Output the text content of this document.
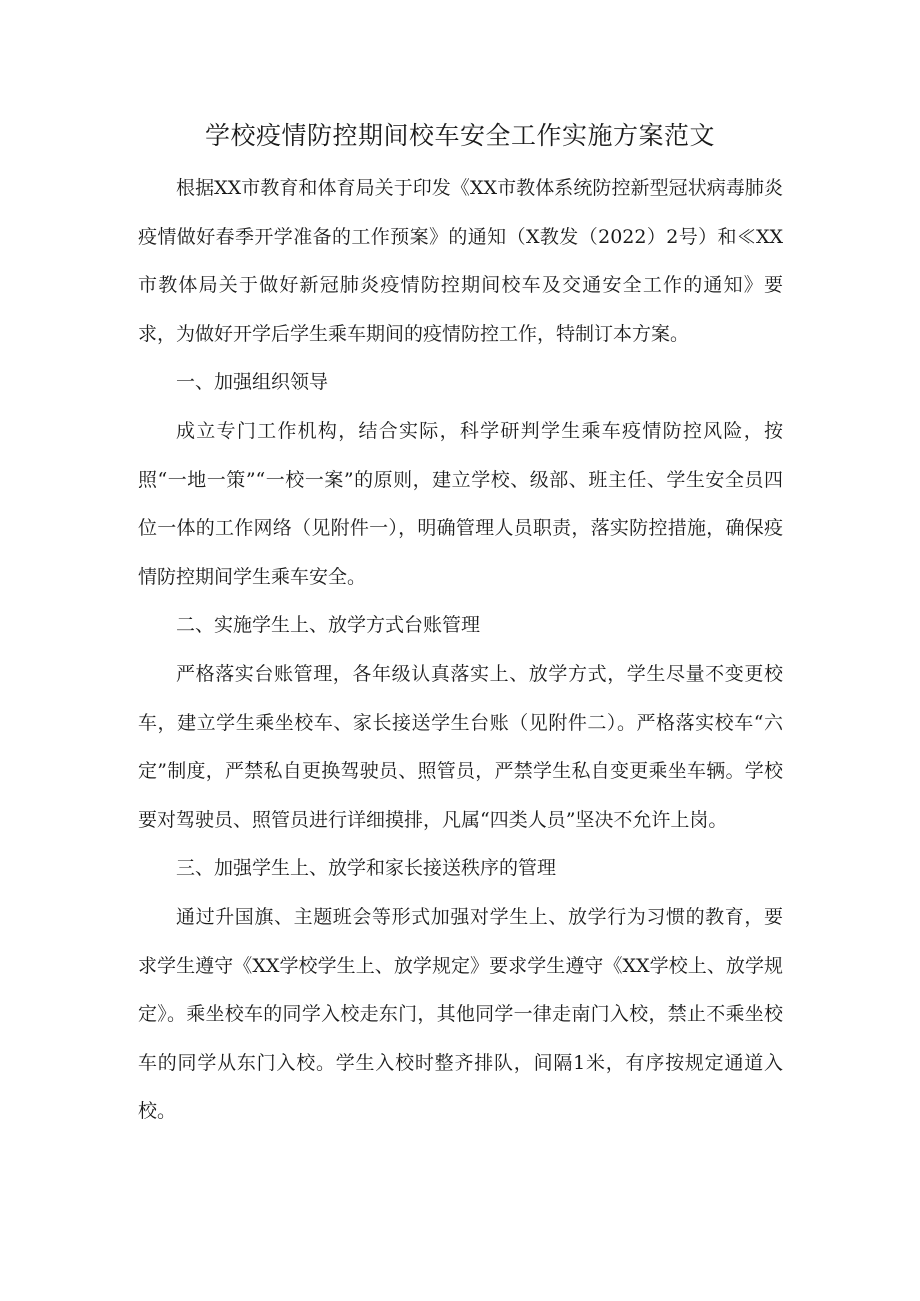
学校疫情防控期间校车安全工作实施方案范文

根据XX市教育和体育局关于印发《XX市教体系统防控新型冠状病毒肺炎疫情做好春季开学准备的工作预案》的通知（X教发（2022）2号）和≪XX市教体局关于做好新冠肺炎疫情防控期间校车及交通安全工作的通知》要求，为做好开学后学生乘车期间的疫情防控工作，特制订本方案。

一、加强组织领导

成立专门工作机构，结合实际，科学研判学生乘车疫情防控风险，按照“一地一策”“一校一案”的原则，建立学校、级部、班主任、学生安全员四位一体的工作网络（见附件一），明确管理人员职责，落实防控措施，确保疫情防控期间学生乘车安全。

二、实施学生上、放学方式台账管理

严格落实台账管理，各年级认真落实上、放学方式，学生尽量不变更校车，建立学生乘坐校车、家长接送学生台账（见附件二）。严格落实校车“六定”制度，严禁私自更换驾驶员、照管员，严禁学生私自变更乘坐车辆。学校要对驾驶员、照管员进行详细摸排，凡属“四类人员”坚决不允许上岗。

三、加强学生上、放学和家长接送秩序的管理

通过升国旗、主题班会等形式加强对学生上、放学行为习惯的教育，要求学生遵守《XX学校学生上、放学规定》要求学生遵守《XX学校上、放学规定》。乘坐校车的同学入校走东门，其他同学一律走南门入校，禁止不乘坐校车的同学从东门入校。学生入校时整齐排队，间隔1米，有序按规定通道入校。
